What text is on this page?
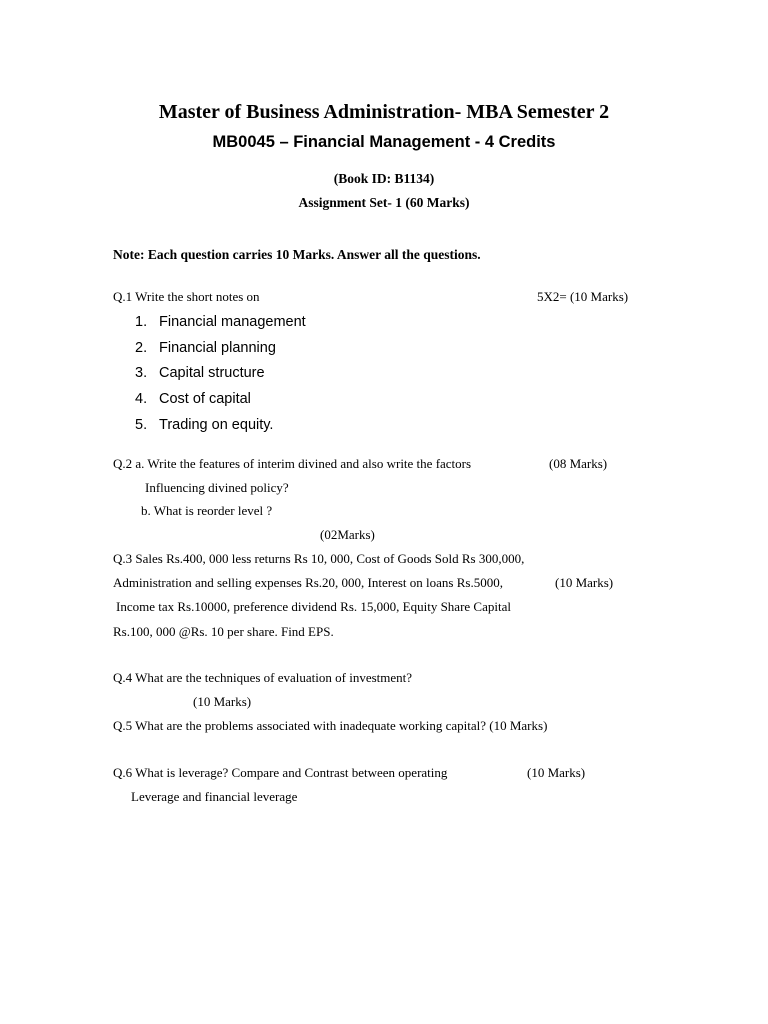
Master of Business Administration- MBA Semester 2
MB0045 – Financial Management - 4 Credits
(Book ID: B1134)
Assignment Set- 1 (60 Marks)
Note: Each question carries 10 Marks. Answer all the questions.
Q.1 Write the short notes on	5X2= (10 Marks)
1. Financial management
2. Financial planning
3. Capital structure
4. Cost of capital
5. Trading on equity.
Q.2 a. Write the features of interim divined and also write the factors	(08 Marks)
Influencing divined policy?
b. What is reorder level ?
(02Marks)
Q.3 Sales Rs.400, 000 less returns Rs 10, 000, Cost of Goods Sold Rs 300,000,
Administration and selling expenses Rs.20, 000, Interest on loans Rs.5000,	(10 Marks)
Income tax Rs.10000, preference dividend Rs. 15,000, Equity Share Capital
Rs.100, 000 @Rs. 10 per share. Find EPS.
Q.4 What are the techniques of evaluation of investment?
(10 Marks)
Q.5 What are the problems associated with inadequate working capital? (10 Marks)
Q.6 What is leverage? Compare and Contrast between operating	(10 Marks)
Leverage and financial leverage
